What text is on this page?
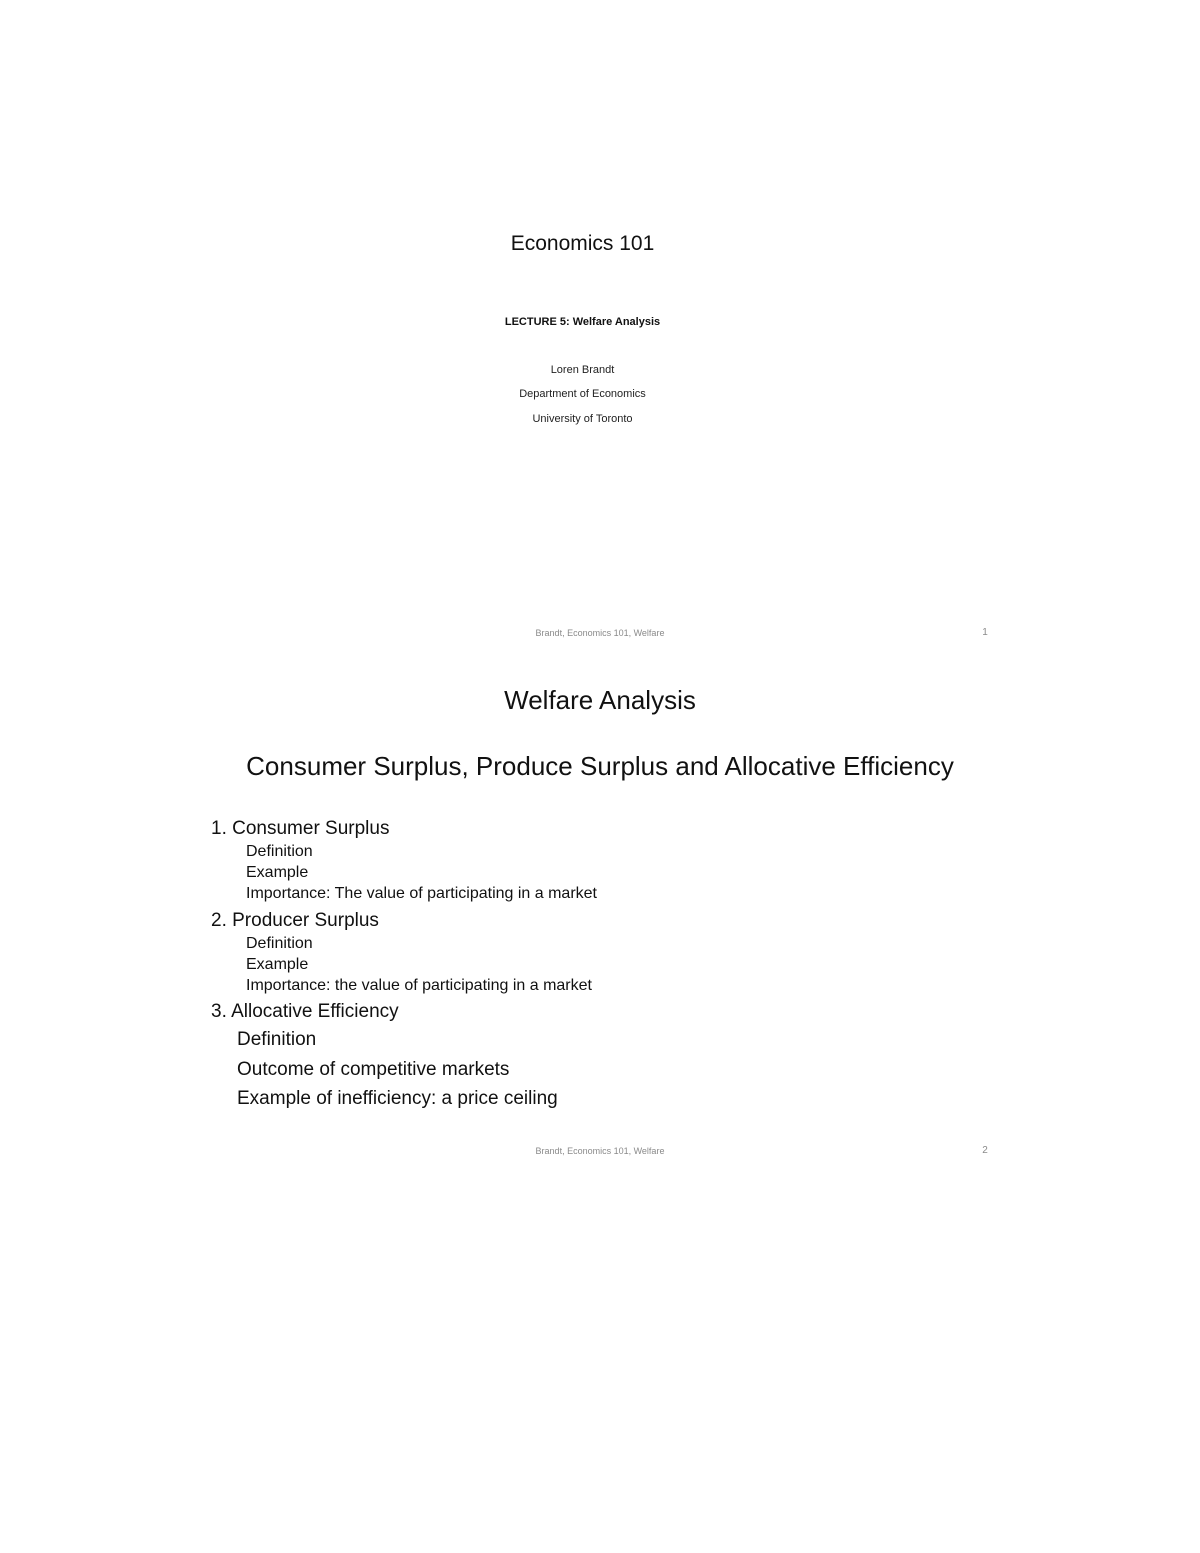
Economics 101
LECTURE 5: Welfare Analysis
Loren Brandt
Department of Economics
University of Toronto
Brandt, Economics 101, Welfare	1
Welfare Analysis
Consumer Surplus, Produce Surplus and Allocative Efficiency
1. Consumer Surplus
Definition
Example
Importance: The value of participating in a market
2. Producer Surplus
Definition
Example
Importance: the value of participating in a market
3. Allocative Efficiency
Definition
Outcome of competitive markets
Example of inefficiency: a price ceiling
Brandt, Economics 101, Welfare	2
